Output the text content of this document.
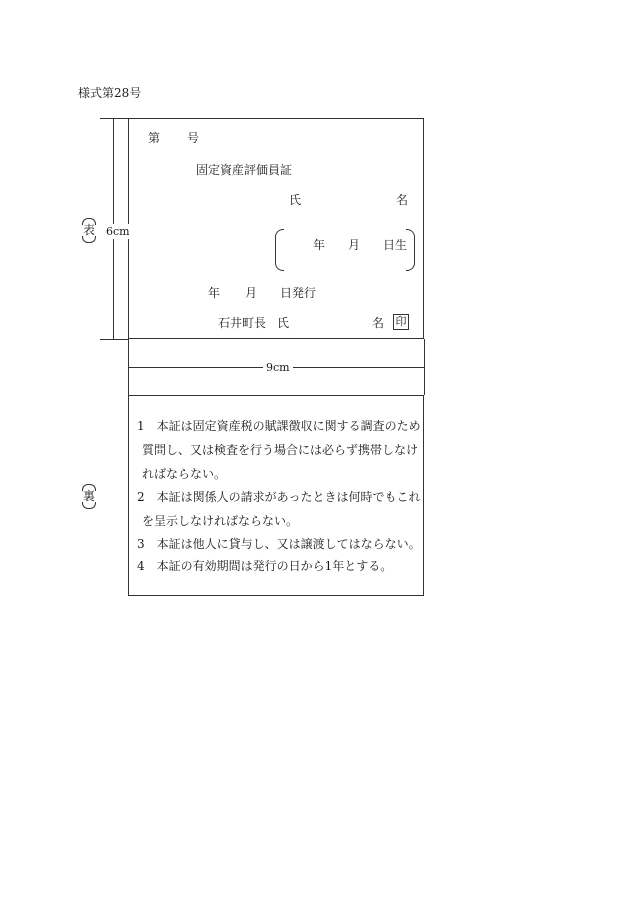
様式第28号
第 号
固定資産評価員証
氏	名
年 月 日生
年 月 日発行
石井町長 氏	名 印
6cm
表
9cm
1　本証は固定資産税の賦課徴収に関する調査のため
質問し、又は検査を行う場合には必らず携帯しなけ
ればならない。
2　本証は関係人の請求があったときは何時でもこれ
を呈示しなければならない。
3　本証は他人に貸与し、又は譲渡してはならない。
4　本証の有効期間は発行の日から1年とする。
裏
